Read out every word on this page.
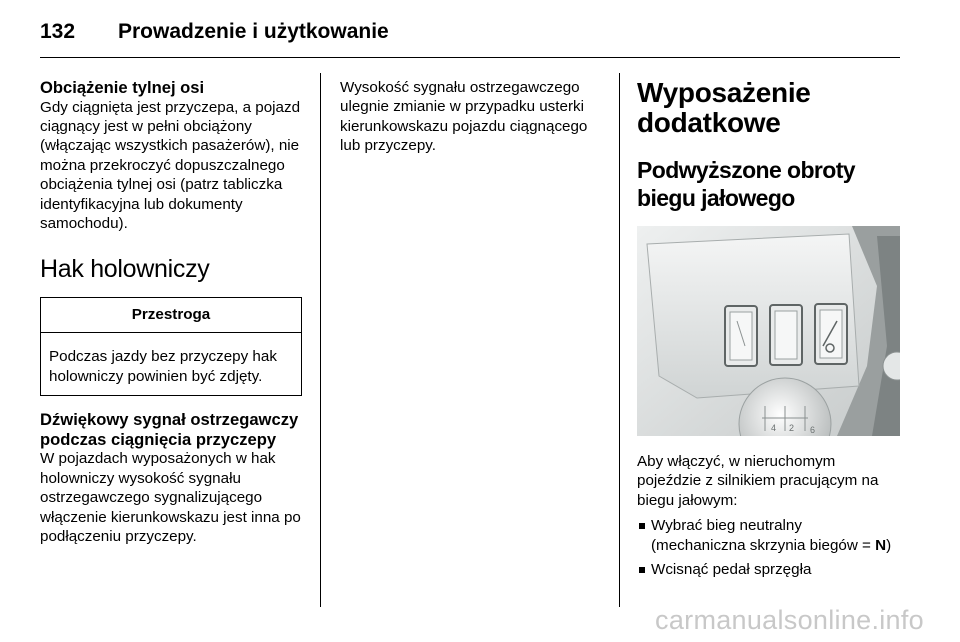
132	Prowadzenie i użytkowanie
Obciążenie tylnej osi
Gdy ciągnięta jest przyczepa, a pojazd ciągnący jest w pełni obciążony (włączając wszystkich pasażerów), nie można przekroczyć dopuszczalnego obciążenia tylnej osi (patrz tabliczka identyfikacyjna lub dokumenty samochodu).
Hak holowniczy
Przestroga
Podczas jazdy bez przyczepy hak holowniczy powinien być zdjęty.
Dźwiękowy sygnał ostrzegawczy podczas ciągnięcia przyczepy
W pojazdach wyposażonych w hak holowniczy wysokość sygnału ostrzegawczego sygnalizującego włączenie kierunkowskazu jest inna po podłączeniu przyczepy.
Wysokość sygnału ostrzegawczego ulegnie zmianie w przypadku usterki kierunkowskazu pojazdu ciągnącego lub przyczepy.
Wyposażenie dodatkowe
Podwyższone obroty biegu jałowego
4 2 6
Aby włączyć, w nieruchomym pojeździe z silnikiem pracującym na biegu jałowym:
Wybrać bieg neutralny (mechaniczna skrzynia biegów = N)
Wcisnąć pedał sprzęgła
carmanualsonline.info
